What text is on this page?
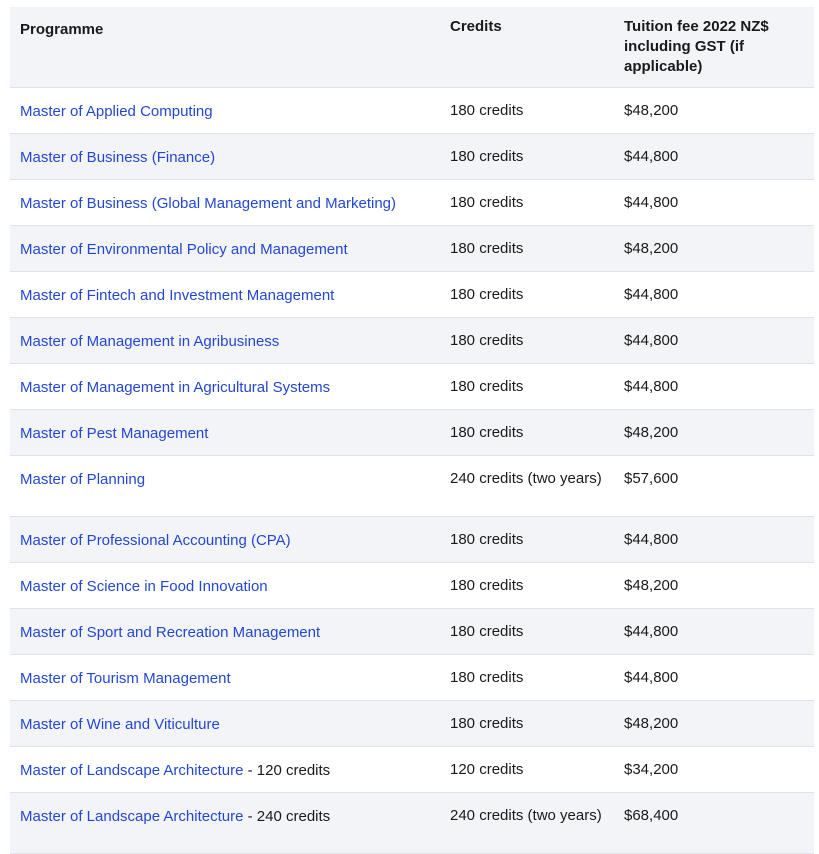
Programme	Credits	Tuition fee 2022 NZ$ including GST (if applicable)
Master of Applied Computing	180 credits	$48,200
Master of Business (Finance)	180 credits	$44,800
Master of Business (Global Management and Marketing)	180 credits	$44,800
Master of Environmental Policy and Management	180 credits	$48,200
Master of Fintech and Investment Management	180 credits	$44,800
Master of Management in Agribusiness	180 credits	$44,800
Master of Management in Agricultural Systems	180 credits	$44,800
Master of Pest Management	180 credits	$48,200
Master of Planning	240 credits (two years)	$57,600
Master of Professional Accounting (CPA)	180 credits	$44,800
Master of Science in Food Innovation	180 credits	$48,200
Master of Sport and Recreation Management	180 credits	$44,800
Master of Tourism Management	180 credits	$44,800
Master of Wine and Viticulture	180 credits	$48,200
Master of Landscape Architecture - 120 credits	120 credits	$34,200
Master of Landscape Architecture - 240 credits	240 credits (two years)	$68,400
